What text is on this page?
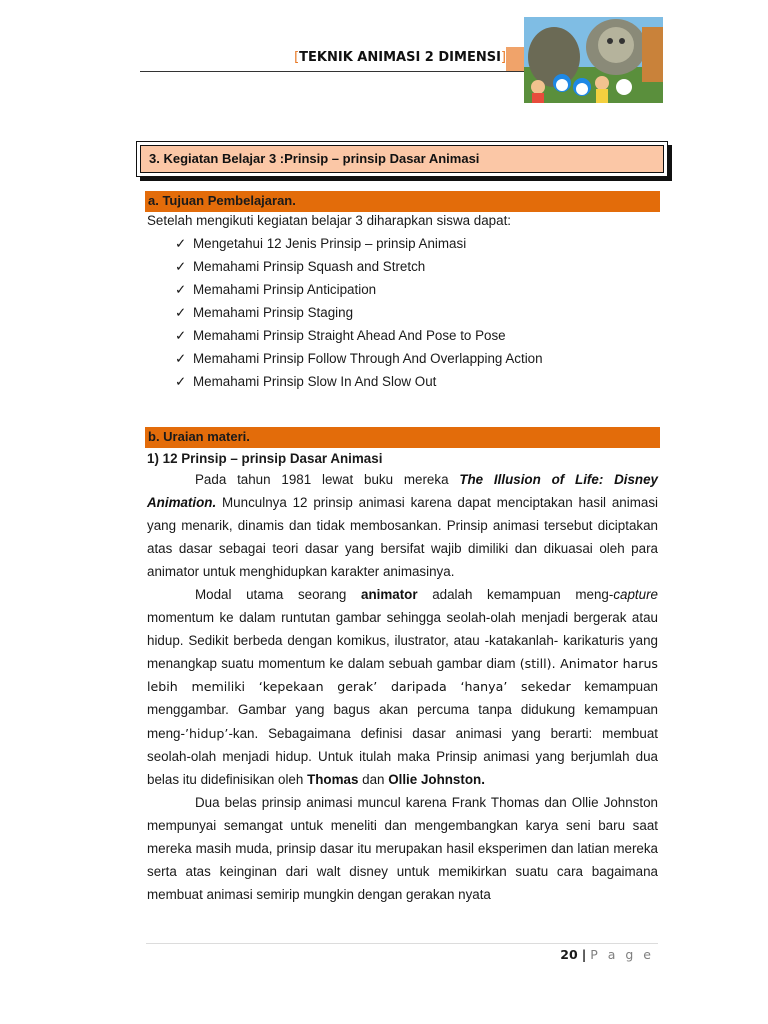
[TEKNIK ANIMASI 2 DIMENSI]
3. Kegiatan Belajar 3 :Prinsip – prinsip Dasar Animasi
a. Tujuan Pembelajaran.
Setelah mengikuti kegiatan belajar 3 diharapkan siswa dapat:
✓ Mengetahui 12 Jenis Prinsip – prinsip Animasi
✓ Memahami Prinsip Squash and Stretch
✓ Memahami Prinsip Anticipation
✓ Memahami Prinsip Staging
✓ Memahami Prinsip Straight Ahead And Pose to Pose
✓ Memahami Prinsip Follow Through And Overlapping Action
✓ Memahami Prinsip Slow In And Slow Out
b. Uraian materi.
1) 12 Prinsip – prinsip Dasar Animasi
Pada tahun 1981 lewat buku mereka The Illusion of Life: Disney Animation. Munculnya 12 prinsip animasi karena dapat menciptakan hasil animasi yang menarik, dinamis dan tidak membosankan. Prinsip animasi tersebut diciptakan atas dasar sebagai teori dasar yang bersifat wajib dimiliki dan dikuasai oleh para animator untuk menghidupkan karakter animasinya.
Modal utama seorang animator adalah kemampuan meng-capture momentum ke dalam runtutan gambar sehingga seolah-olah menjadi bergerak atau hidup. Sedikit berbeda dengan komikus, ilustrator, atau -katakanlah- karikaturis yang menangkap suatu momentum ke dalam sebuah gambar diam (still). Animator harus lebih memiliki ‘kepekaan gerak’ daripada ‘hanya’ sekedar kemampuan menggambar. Gambar yang bagus akan percuma tanpa didukung kemampuan meng-’hidup’-kan. Sebagaimana definisi dasar animasi yang berarti: membuat seolah-olah menjadi hidup. Untuk itulah maka Prinsip animasi yang berjumlah dua belas itu didefinisikan oleh Thomas dan Ollie Johnston.
Dua belas prinsip animasi muncul karena Frank Thomas dan Ollie Johnston mempunyai semangat untuk meneliti dan mengembangkan karya seni baru saat mereka masih muda, prinsip dasar itu merupakan hasil eksperimen dan latian mereka serta atas keinginan dari walt disney untuk memikirkan suatu cara bagaimana membuat animasi semirip mungkin dengan gerakan nyata
20 | P a g e
